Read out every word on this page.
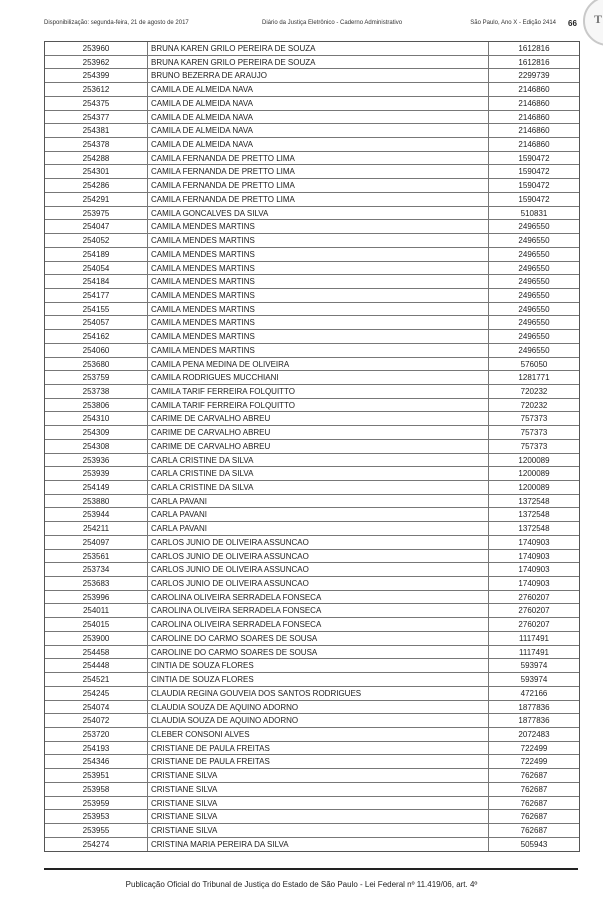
Disponibilização: segunda-feira, 21 de agosto de 2017	Diário da Justiça Eletrônico - Caderno Administrativo	São Paulo, Ano X - Edição 2414 66 T
253960	BRUNA KAREN GRILO PEREIRA DE SOUZA	1612816
253962	BRUNA KAREN GRILO PEREIRA DE SOUZA	1612816
254399	BRUNO BEZERRA DE ARAUJO	2299739
253612	CAMILA DE ALMEIDA NAVA	2146860
254375	CAMILA DE ALMEIDA NAVA	2146860
254377	CAMILA DE ALMEIDA NAVA	2146860
254381	CAMILA DE ALMEIDA NAVA	2146860
254378	CAMILA DE ALMEIDA NAVA	2146860
254288	CAMILA FERNANDA DE PRETTO LIMA	1590472
254301	CAMILA FERNANDA DE PRETTO LIMA	1590472
254286	CAMILA FERNANDA DE PRETTO LIMA	1590472
254291	CAMILA FERNANDA DE PRETTO LIMA	1590472
253975	CAMILA GONCALVES DA SILVA	510831
254047	CAMILA MENDES MARTINS	2496550
254052	CAMILA MENDES MARTINS	2496550
254189	CAMILA MENDES MARTINS	2496550
254054	CAMILA MENDES MARTINS	2496550
254184	CAMILA MENDES MARTINS	2496550
254177	CAMILA MENDES MARTINS	2496550
254155	CAMILA MENDES MARTINS	2496550
254057	CAMILA MENDES MARTINS	2496550
254162	CAMILA MENDES MARTINS	2496550
254060	CAMILA MENDES MARTINS	2496550
253680	CAMILA PENA MEDINA DE OLIVEIRA	576050
253759	CAMILA RODRIGUES MUCCHIANI	1281771
253738	CAMILA TARIF FERREIRA FOLQUITTO	720232
253806	CAMILA TARIF FERREIRA FOLQUITTO	720232
254310	CARIME DE CARVALHO ABREU	757373
254309	CARIME DE CARVALHO ABREU	757373
254308	CARIME DE CARVALHO ABREU	757373
253936	CARLA CRISTINE DA SILVA	1200089
253939	CARLA CRISTINE DA SILVA	1200089
254149	CARLA CRISTINE DA SILVA	1200089
253880	CARLA PAVANI	1372548
253944	CARLA PAVANI	1372548
254211	CARLA PAVANI	1372548
254097	CARLOS JUNIO DE OLIVEIRA ASSUNCAO	1740903
253561	CARLOS JUNIO DE OLIVEIRA ASSUNCAO	1740903
253734	CARLOS JUNIO DE OLIVEIRA ASSUNCAO	1740903
253683	CARLOS JUNIO DE OLIVEIRA ASSUNCAO	1740903
253996	CAROLINA OLIVEIRA SERRADELA FONSECA	2760207
254011	CAROLINA OLIVEIRA SERRADELA FONSECA	2760207
254015	CAROLINA OLIVEIRA SERRADELA FONSECA	2760207
253900	CAROLINE DO CARMO SOARES DE SOUSA	1117491
254458	CAROLINE DO CARMO SOARES DE SOUSA	1117491
254448	CINTIA DE SOUZA FLORES	593974
254521	CINTIA DE SOUZA FLORES	593974
254245	CLAUDIA REGINA GOUVEIA DOS SANTOS RODRIGUES	472166
254074	CLAUDIA SOUZA DE AQUINO ADORNO	1877836
254072	CLAUDIA SOUZA DE AQUINO ADORNO	1877836
253720	CLEBER CONSONI ALVES	2072483
254193	CRISTIANE DE PAULA FREITAS	722499
254346	CRISTIANE DE PAULA FREITAS	722499
253951	CRISTIANE SILVA	762687
253958	CRISTIANE SILVA	762687
253959	CRISTIANE SILVA	762687
253953	CRISTIANE SILVA	762687
253955	CRISTIANE SILVA	762687
254274	CRISTINA MARIA PEREIRA DA SILVA	505943
Publicação Oficial do Tribunal de Justiça do Estado de São Paulo - Lei Federal nº 11.419/06, art. 4º
